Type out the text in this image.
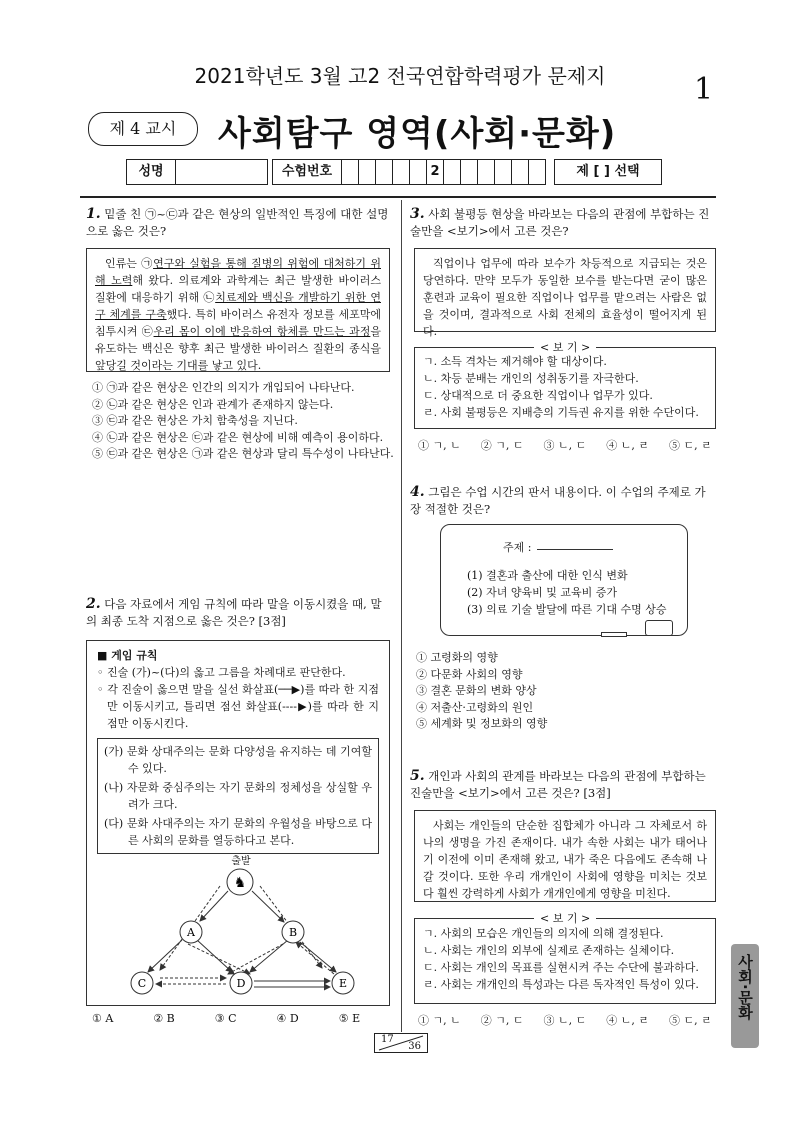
2021학년도 3월 고2 전국연합학력평가 문제지	1
제 4 교시	사회탐구 영역(사회·문화)
성명	수험번호	2	제 [ ] 선택
1. 밑줄 친 ㉠~㉢과 같은 현상의 일반적인 특징에 대한 설명으로 옳은 것은?
인류는 ㉠연구와 실험을 통해 질병의 위험에 대처하기 위해 노력해 왔다. 의료계와 과학계는 최근 발생한 바이러스 질환에 대응하기 위해 ㉡치료제와 백신을 개발하기 위한 연구 체계를 구축했다. 특히 바이러스 유전자 정보를 세포막에 침투시켜 ㉢우리 몸이 이에 반응하여 항체를 만드는 과정을 유도하는 백신은 향후 최근 발생한 바이러스 질환의 종식을 앞당길 것이라는 기대를 낳고 있다.
① ㉠과 같은 현상은 인간의 의지가 개입되어 나타난다.
② ㉡과 같은 현상은 인과 관계가 존재하지 않는다.
③ ㉢과 같은 현상은 가치 함축성을 지닌다.
④ ㉡과 같은 현상은 ㉢과 같은 현상에 비해 예측이 용이하다.
⑤ ㉢과 같은 현상은 ㉠과 같은 현상과 달리 특수성이 나타난다.
2. 다음 자료에서 게임 규칙에 따라 말을 이동시켰을 때, 말의 최종 도착 지점으로 옳은 것은? [3점]
■ 게임 규칙
◦ 진술 (가)~(다)의 옳고 그름을 차례대로 판단한다.
◦ 각 진술이 옳으면 말을 실선 화살표(──▶)를 따라 한 지점만 이동시키고, 틀리면 점선 화살표(----▶)를 따라 한 지점만 이동시킨다.
(가) 문화 상대주의는 문화 다양성을 유지하는 데 기여할 수 있다.
(나) 자문화 중심주의는 자기 문화의 정체성을 상실할 우려가 크다.
(다) 문화 사대주의는 자기 문화의 우월성을 바탕으로 다른 사회의 문화를 열등하다고 본다.
출발
♞
A	B
C	D	E
① A	② B	③ C	④ D	⑤ E
3. 사회 불평등 현상을 바라보는 다음의 관점에 부합하는 진술만을 <보기>에서 고른 것은?
직업이나 업무에 따라 보수가 차등적으로 지급되는 것은 당연하다. 만약 모두가 동일한 보수를 받는다면 굳이 많은 훈련과 교육이 필요한 직업이나 업무를 맡으려는 사람은 없을 것이며, 결과적으로 사회 전체의 효율성이 떨어지게 된다.
ㄱ. 소득 격차는 제거해야 할 대상이다.
ㄴ. 차등 분배는 개인의 성취동기를 자극한다.
ㄷ. 상대적으로 더 중요한 직업이나 업무가 있다.
ㄹ. 사회 불평등은 지배층의 기득권 유지를 위한 수단이다.
< 보 기 >
① ㄱ, ㄴ ② ㄱ, ㄷ ③ ㄴ, ㄷ ④ ㄴ, ㄹ ⑤ ㄷ, ㄹ
4. 그림은 수업 시간의 판서 내용이다. 이 수업의 주제로 가장 적절한 것은?
주제 :
(1) 결혼과 출산에 대한 인식 변화
(2) 자녀 양육비 및 교육비 증가
(3) 의료 기술 발달에 따른 기대 수명 상승
① 고령화의 영향
② 다문화 사회의 영향
③ 결혼 문화의 변화 양상
④ 저출산·고령화의 원인
⑤ 세계화 및 정보화의 영향
5. 개인과 사회의 관계를 바라보는 다음의 관점에 부합하는 진술만을 <보기>에서 고른 것은? [3점]
사회는 개인들의 단순한 집합체가 아니라 그 자체로서 하나의 생명을 가진 존재이다. 내가 속한 사회는 내가 태어나기 이전에 이미 존재해 왔고, 내가 죽은 다음에도 존속해 나갈 것이다. 또한 우리 개개인이 사회에 영향을 미치는 것보다 훨씬 강력하게 사회가 개개인에게 영향을 미친다.
ㄱ. 사회의 모습은 개인들의 의지에 의해 결정된다.
ㄴ. 사회는 개인의 외부에 실제로 존재하는 실체이다.
ㄷ. 사회는 개인의 목표를 실현시켜 주는 수단에 불과하다.
ㄹ. 사회는 개개인의 특성과는 다른 독자적인 특성이 있다.
< 보 기 >
① ㄱ, ㄴ ② ㄱ, ㄷ ③ ㄴ, ㄷ ④ ㄴ, ㄹ ⑤ ㄷ, ㄹ
사회·문화
17
36
